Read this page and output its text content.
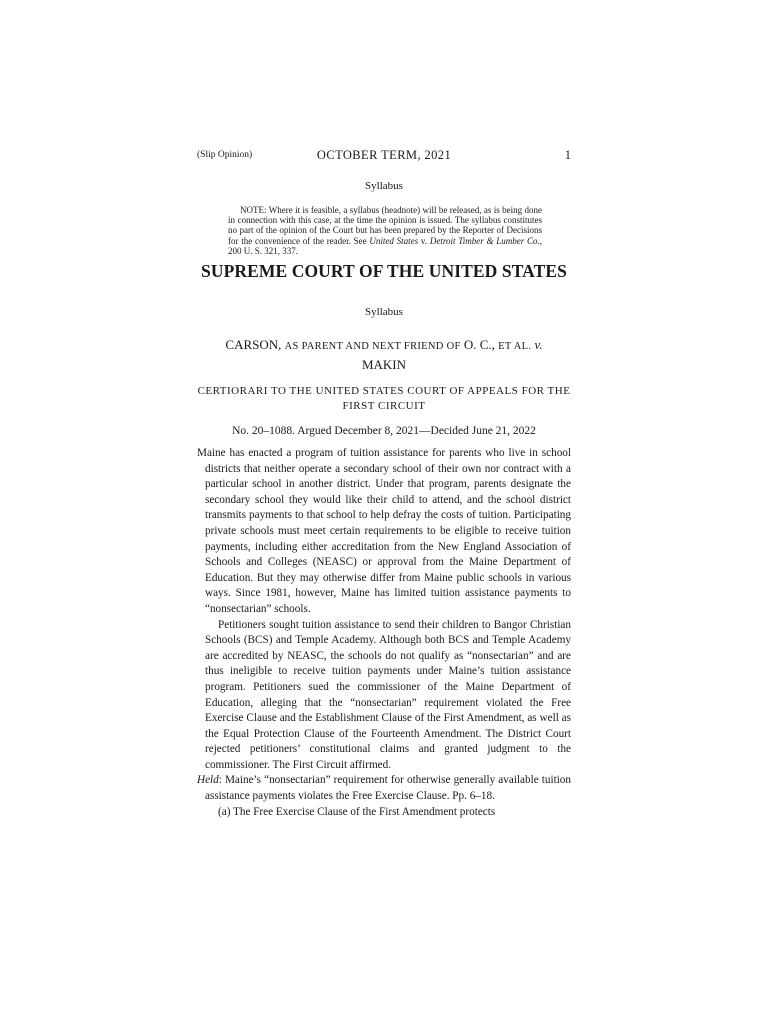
(Slip Opinion)	OCTOBER TERM, 2021	1
Syllabus
NOTE: Where it is feasible, a syllabus (headnote) will be released, as is being done in connection with this case, at the time the opinion is issued. The syllabus constitutes no part of the opinion of the Court but has been prepared by the Reporter of Decisions for the convenience of the reader. See United States v. Detroit Timber & Lumber Co., 200 U. S. 321, 337.
SUPREME COURT OF THE UNITED STATES
Syllabus
CARSON, AS PARENT AND NEXT FRIEND OF O. C., ET AL. v.
MAKIN
CERTIORARI TO THE UNITED STATES COURT OF APPEALS FOR THE FIRST CIRCUIT
No. 20–1088. Argued December 8, 2021—Decided June 21, 2022

Maine has enacted a program of tuition assistance for parents who live in school districts that neither operate a secondary school of their own nor contract with a particular school in another district. Under that program, parents designate the secondary school they would like their child to attend, and the school district transmits payments to that school to help defray the costs of tuition. Participating private schools must meet certain requirements to be eligible to receive tuition payments, including either accreditation from the New England Association of Schools and Colleges (NEASC) or approval from the Maine Department of Education. But they may otherwise differ from Maine public schools in various ways. Since 1981, however, Maine has limited tuition assistance payments to “nonsectarian” schools.

Petitioners sought tuition assistance to send their children to Bangor Christian Schools (BCS) and Temple Academy. Although both BCS and Temple Academy are accredited by NEASC, the schools do not qualify as “nonsectarian” and are thus ineligible to receive tuition payments under Maine’s tuition assistance program. Petitioners sued the commissioner of the Maine Department of Education, alleging that the “nonsectarian” requirement violated the Free Exercise Clause and the Establishment Clause of the First Amendment, as well as the Equal Protection Clause of the Fourteenth Amendment. The District Court rejected petitioners’ constitutional claims and granted judgment to the commissioner. The First Circuit affirmed.

Held: Maine’s “nonsectarian” requirement for otherwise generally available tuition assistance payments violates the Free Exercise Clause. Pp. 6–18.

(a) The Free Exercise Clause of the First Amendment protects
